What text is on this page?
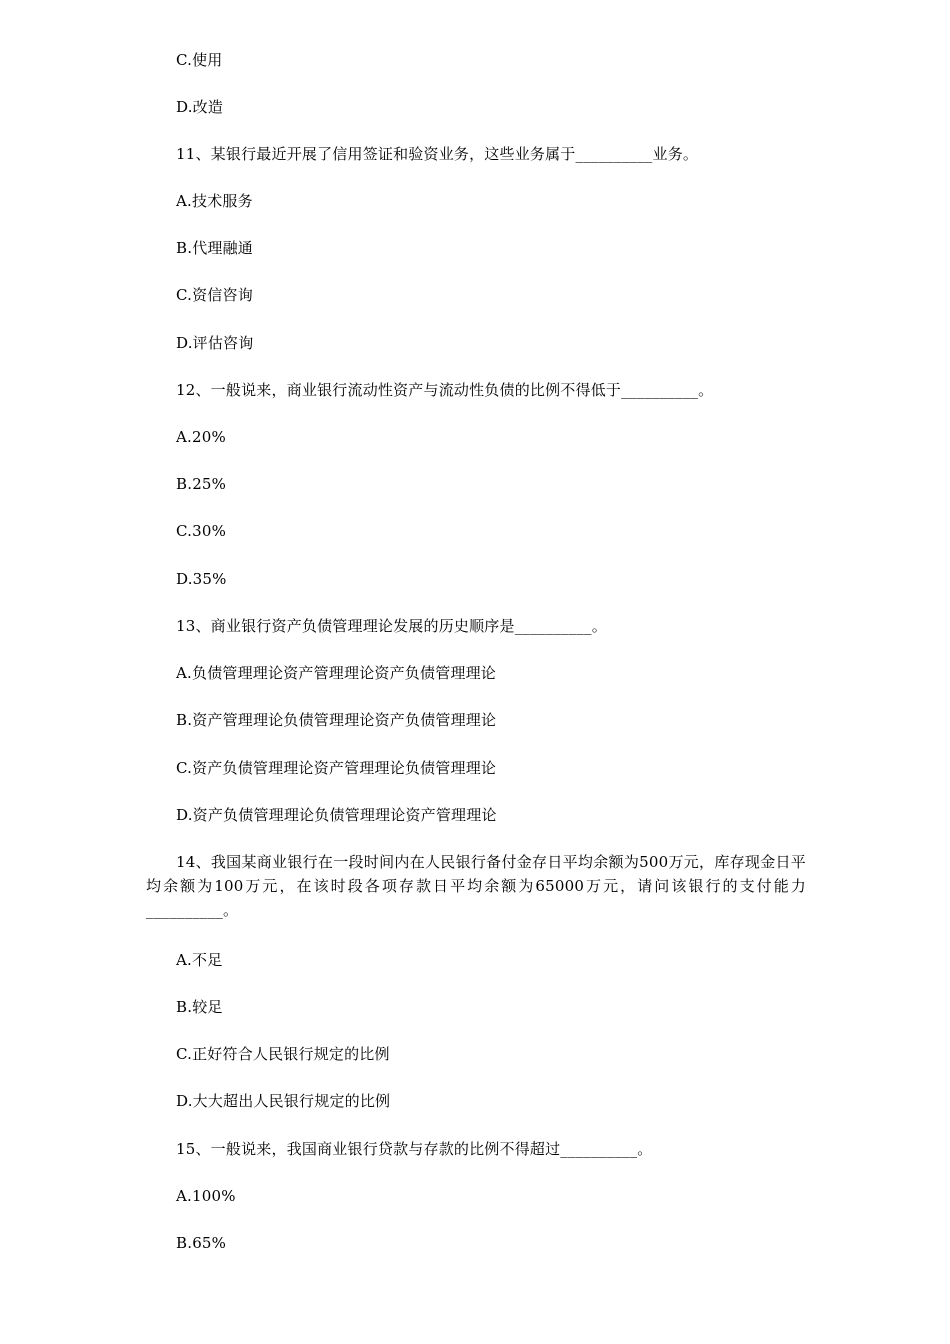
C.使用
D.改造
11、某银行最近开展了信用签证和验资业务，这些业务属于__________业务。
A.技术服务
B.代理融通
C.资信咨询
D.评估咨询
12、一般说来，商业银行流动性资产与流动性负债的比例不得低于__________。
A.20%
B.25%
C.30%
D.35%
13、商业银行资产负债管理理论发展的历史顺序是__________。
A.负债管理理论资产管理理论资产负债管理理论
B.资产管理理论负债管理理论资产负债管理理论
C.资产负债管理理论资产管理理论负债管理理论
D.资产负债管理理论负债管理理论资产管理理论
14、我国某商业银行在一段时间内在人民银行备付金存日平均余额为500万元，库存现金日平均余额为100万元，在该时段各项存款日平均余额为65000万元，请问该银行的支付能力__________。
A.不足
B.较足
C.正好符合人民银行规定的比例
D.大大超出人民银行规定的比例
15、一般说来，我国商业银行贷款与存款的比例不得超过__________。
A.100%
B.65%
